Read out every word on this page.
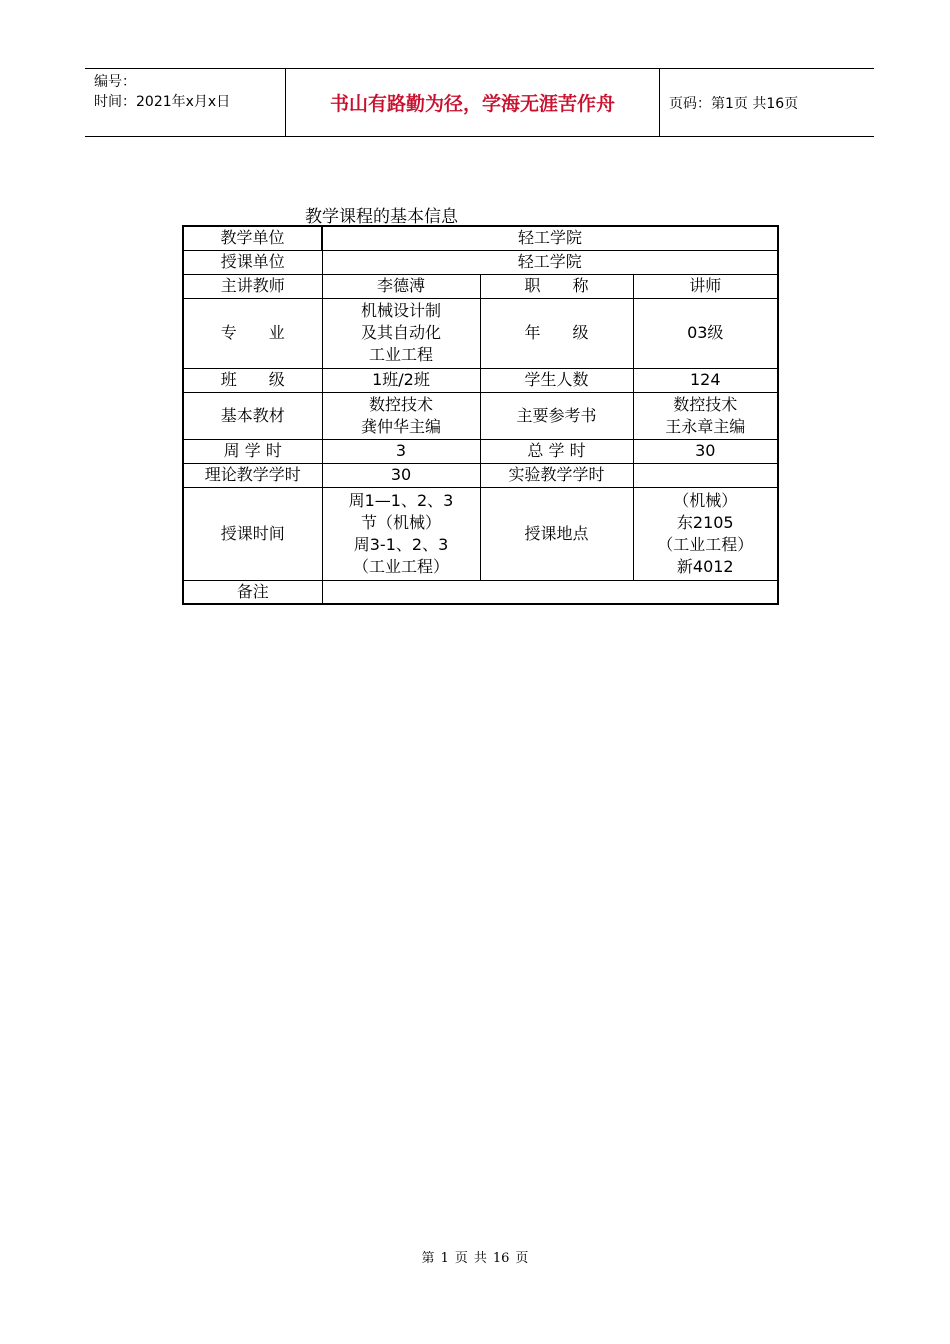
编号：
时间：2021年x月x日	书山有路勤为径，学海无涯苦作舟	页码：第1页 共16页
教学课程的基本信息
教学单位	轻工学院		
授课单位	轻工学院		
主讲教师	李德溥	职　　称	讲师
专　　业	机械设计制
及其自动化
工业工程	年　　级	03级
班　　级	1班/2班	学生人数	124
基本教材	数控技术
龚仲华主编	主要参考书	数控技术
王永章主编
周 学 时	3	总 学 时	30
理论教学学时	30	实验教学学时	
授课时间	周1—1、2、3
节（机械）
周3-1、2、3
（工业工程）	授课地点	（机械）
东2105
（工业工程）
新4012
备注			
第 1 页 共 16 页
